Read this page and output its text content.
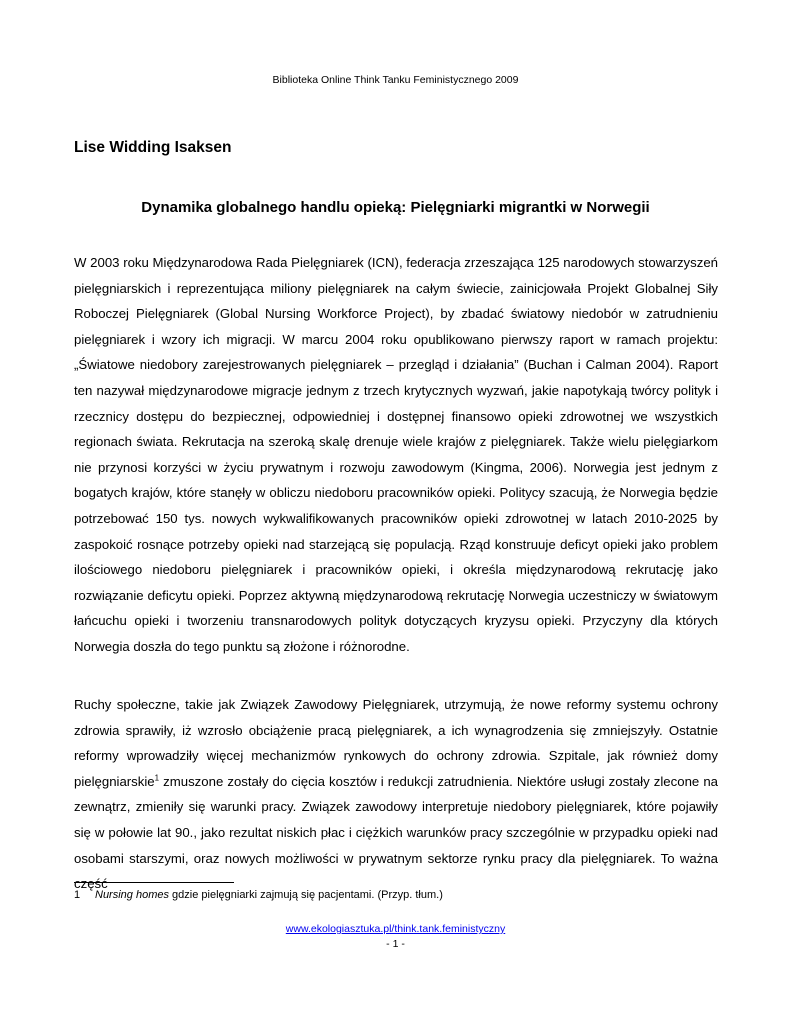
Biblioteka Online Think Tanku Feministycznego 2009
Lise Widding Isaksen
Dynamika globalnego handlu opieką: Pielęgniarki migrantki w Norwegii

W 2003 roku Międzynarodowa Rada Pielęgniarek (ICN), federacja zrzeszająca 125 narodowych stowarzyszeń pielęgniarskich i reprezentująca miliony pielęgniarek na całym świecie, zainicjowała Projekt Globalnej Siły Roboczej Pielęgniarek (Global Nursing Workforce Project), by zbadać światowy niedobór w zatrudnieniu pielęgniarek i wzory ich migracji. W marcu 2004 roku opublikowano pierwszy raport w ramach projektu: „Światowe niedobory zarejestrowanych pielęgniarek – przegląd i działania” (Buchan i Calman 2004). Raport ten nazywał międzynarodowe migracje jednym z trzech krytycznych wyzwań, jakie napotykają twórcy polityk i rzecznicy dostępu do bezpiecznej, odpowiedniej i dostępnej finansowo opieki zdrowotnej we wszystkich regionach świata. Rekrutacja na szeroką skalę drenuje wiele krajów z pielęgniarek. Także wielu pielęgiarkom nie przynosi korzyści w życiu prywatnym i rozwoju zawodowym (Kingma, 2006). Norwegia jest jednym z bogatych krajów, które stanęły w obliczu niedoboru pracowników opieki. Politycy szacują, że Norwegia będzie potrzebować 150 tys. nowych wykwalifikowanych pracowników opieki zdrowotnej w latach 2010-2025 by zaspokoić rosnące potrzeby opieki nad starzejącą się populacją. Rząd konstruuje deficyt opieki jako problem ilościowego niedoboru pielęgniarek i pracowników opieki, i określa międzynarodową rekrutację jako rozwiązanie deficytu opieki. Poprzez aktywną międzynarodową rekrutację Norwegia uczestniczy w światowym łańcuchu opieki i tworzeniu transnarodowych polityk dotyczących kryzysu opieki. Przyczyny dla których Norwegia doszła do tego punktu są złożone i różnorodne.

Ruchy społeczne, takie jak Związek Zawodowy Pielęgniarek, utrzymują, że nowe reformy systemu ochrony zdrowia sprawiły, iż wzrosło obciążenie pracą pielęgniarek, a ich wynagrodzenia się zmniejszyły. Ostatnie reformy wprowadziły więcej mechanizmów rynkowych do ochrony zdrowia. Szpitale, jak również domy pielęgniarskie$^1$ zmuszone zostały do cięcia kosztów i redukcji zatrudnienia. Niektóre usługi zostały zlecone na zewnątrz, zmieniły się warunki pracy. Związek zawodowy interpretuje niedobory pielęgniarek, które pojawiły się w połowie lat 90., jako rezultat niskich płac i ciężkich warunków pracy szczególnie w przypadku opieki nad osobami starszymi, oraz nowych możliwości w prywatnym sektorze rynku pracy dla pielęgniarek. To ważna część

1 Nursing homes gdzie pielęgniarki zajmują się pacjentami. (Przyp. tłum.)
www.ekologiasztuka.pl/think.tank.feministyczny
- 1 -
